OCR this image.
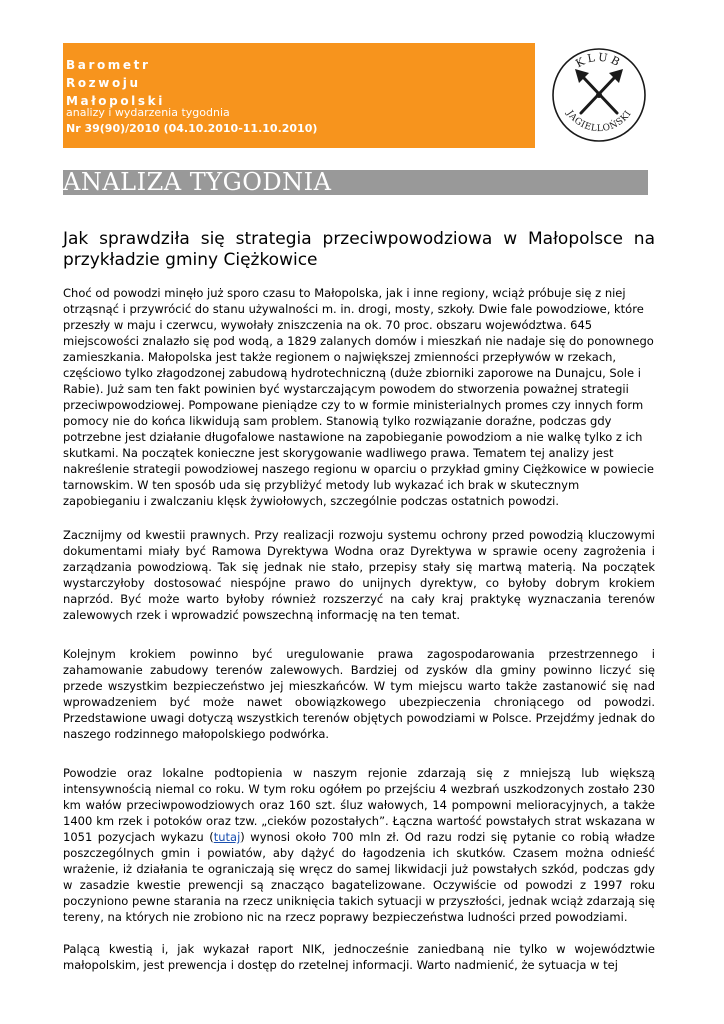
Barometr
Rozwoju
Małopolski
analizy i wydarzenia tygodnia
Nr 39(90)/2010 (04.10.2010-11.10.2010)
KLUB
JAGIELLOŃSKI
ANALIZA TYGODNIA
Jak sprawdziła się strategia przeciwpowodziowa w Małopolsce na przykładzie gminy Ciężkowice
Choć od powodzi minęło już sporo czasu to Małopolska, jak i inne regiony, wciąż próbuje się z niej otrząsnąć i przywrócić do stanu używalności m. in. drogi, mosty, szkoły. Dwie fale powodziowe, które przeszły w maju i czerwcu, wywołały zniszczenia na ok. 70 proc. obszaru województwa. 645 miejscowości znalazło się pod wodą, a 1829 zalanych domów i mieszkań nie nadaje się do ponownego zamieszkania. Małopolska jest także regionem o największej zmienności przepływów w rzekach, częściowo tylko złagodzonej zabudową hydrotechniczną (duże zbiorniki zaporowe na Dunajcu, Sole i Rabie). Już sam ten fakt powinien być wystarczającym powodem do stworzenia poważnej strategii przeciwpowodziowej. Pompowane pieniądze czy to w formie ministerialnych promes czy innych form pomocy nie do końca likwidują sam problem. Stanowią tylko rozwiązanie doraźne, podczas gdy potrzebne jest działanie długofalowe nastawione na zapobieganie powodziom a nie walkę tylko z ich skutkami. Na początek konieczne jest skorygowanie wadliwego prawa. Tematem tej analizy jest nakreślenie strategii powodziowej naszego regionu w oparciu o przykład gminy Ciężkowice w powiecie tarnowskim. W ten sposób uda się przybliżyć metody lub wykazać ich brak w skutecznym zapobieganiu i zwalczaniu klęsk żywiołowych, szczególnie podczas ostatnich powodzi.
Zacznijmy od kwestii prawnych. Przy realizacji rozwoju systemu ochrony przed powodzią kluczowymi dokumentami miały być Ramowa Dyrektywa Wodna oraz Dyrektywa w sprawie oceny zagrożenia i zarządzania powodziową. Tak się jednak nie stało, przepisy stały się martwą materią. Na początek wystarczyłoby dostosować niespójne prawo do unijnych dyrektyw, co byłoby dobrym krokiem naprzód. Być może warto byłoby również rozszerzyć na cały kraj praktykę wyznaczania terenów zalewowych rzek i wprowadzić powszechną informację na ten temat.
Kolejnym krokiem powinno być uregulowanie prawa zagospodarowania przestrzennego i zahamowanie zabudowy terenów zalewowych. Bardziej od zysków dla gminy powinno liczyć się przede wszystkim bezpieczeństwo jej mieszkańców. W tym miejscu warto także zastanowić się nad wprowadzeniem być może nawet obowiązkowego ubezpieczenia chroniącego od powodzi. Przedstawione uwagi dotyczą wszystkich terenów objętych powodziami w Polsce. Przejdźmy jednak do naszego rodzinnego małopolskiego podwórka.
Powodzie oraz lokalne podtopienia w naszym rejonie zdarzają się z mniejszą lub większą intensywnością niemal co roku. W tym roku ogółem po przejściu 4 wezbrań uszkodzonych zostało 230 km wałów przeciwpowodziowych oraz 160 szt. śluz wałowych, 14 pompowni melioracyjnych, a także 1400 km rzek i potoków oraz tzw. „cieków pozostałych”. Łączna wartość powstałych strat wskazana w 1051 pozycjach wykazu (tutaj) wynosi około 700 mln zł. Od razu rodzi się pytanie co robią władze poszczególnych gmin i powiatów, aby dążyć do łagodzenia ich skutków. Czasem można odnieść wrażenie, iż działania te ograniczają się wręcz do samej likwidacji już powstałych szkód, podczas gdy w zasadzie kwestie prewencji są znacząco bagatelizowane. Oczywiście od powodzi z 1997 roku poczyniono pewne starania na rzecz uniknięcia takich sytuacji w przyszłości, jednak wciąż zdarzają się tereny, na których nie zrobiono nic na rzecz poprawy bezpieczeństwa ludności przed powodziami.
Palącą kwestią i, jak wykazał raport NIK, jednocześnie zaniedbaną nie tylko w województwie małopolskim, jest prewencja i dostęp do rzetelnej informacji. Warto nadmienić, że sytuacja w tej
